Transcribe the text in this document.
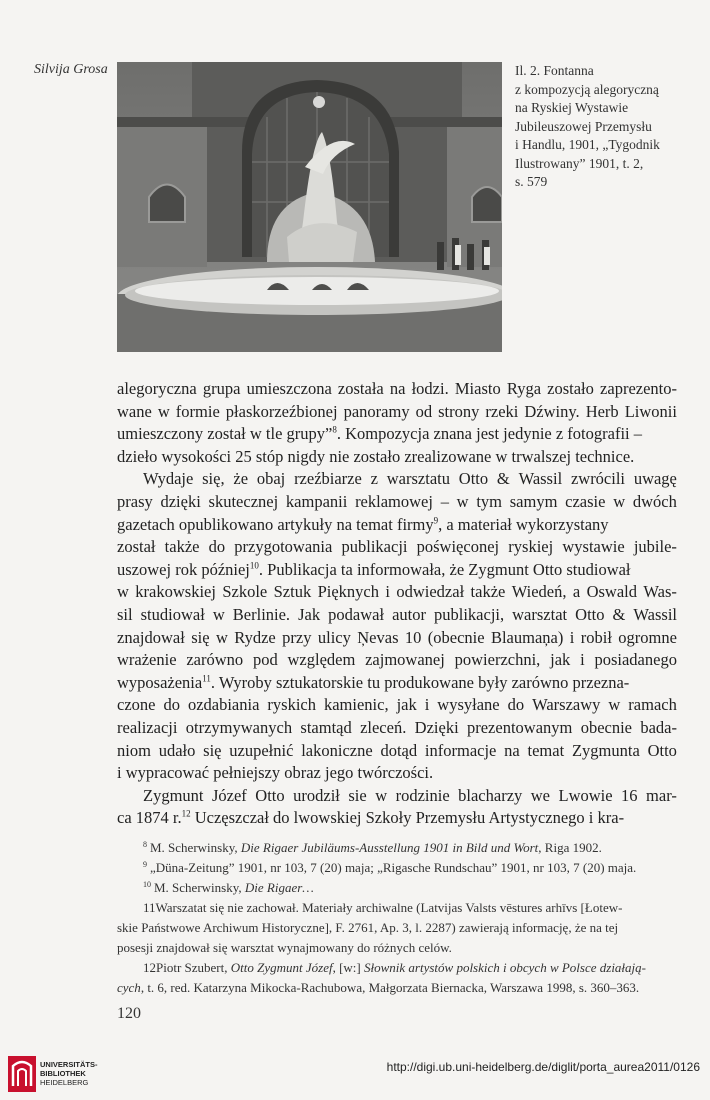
Silvija Grosa	Il. 2. Fontanna
z kompozycją alegoryczną
na Ryskiej Wystawie
Jubileuszowej Przemysłu
i Handlu, 1901, „Tygodnik
Ilustrowany” 1901, t. 2,
s. 579
alegoryczna grupa umieszczona została na łodzi. Miasto Ryga zostało zaprezento-
wane w formie płaskorzeźbionej panoramy od strony rzeki Dźwiny. Herb Liwonii
umieszczony został w tle grupy”$^8$. Kompozycja znana jest jedynie z fotografii –
dzieło wysokości 25 stóp nigdy nie zostało zrealizowane w trwalszej technice.
Wydaje się, że obaj rzeźbiarze z warsztatu Otto & Wassil zwrócili uwagę
prasy dzięki skutecznej kampanii reklamowej – w tym samym czasie w dwóch
gazetach opublikowano artykuły na temat firmy$^9$, a materiał wykorzystany
został także do przygotowania publikacji poświęconej ryskiej wystawie jubile-
uszowej rok później$^{10}$. Publikacja ta informowała, że Zygmunt Otto studiował
w krakowskiej Szkole Sztuk Pięknych i odwiedzał także Wiedeń, a Oswald Was-
sil studiował w Berlinie. Jak podawał autor publikacji, warsztat Otto & Wassil
znajdował się w Rydze przy ulicy Ņevas 10 (obecnie Blaumaņa) i robił ogromne
wrażenie zarówno pod względem zajmowanej powierzchni, jak i posiadanego
wyposażenia$^{11}$. Wyroby sztukatorskie tu produkowane były zarówno przezna-
czone do ozdabiania ryskich kamienic, jak i wysyłane do Warszawy w ramach
realizacji otrzymywanych stamtąd zleceń. Dzięki prezentowanym obecnie bada-
niom udało się uzupełnić lakoniczne dotąd informacje na temat Zygmunta Otto
i wypracować pełniejszy obraz jego twórczości.
Zygmunt Józef Otto urodził sie w rodzinie blacharzy we Lwowie 16 mar-
ca 1874 r.$^{12}$ Uczęszczał do lwowskiej Szkoły Przemysłu Artystycznego i kra-
$^8$ M. Scherwinsky, Die Rigaer Jubiläums-Ausstellung 1901 in Bild und Wort, Riga 1902.
$^9$ „Düna-Zeitung” 1901, nr 103, 7 (20) maja; „Rigasche Rundschau” 1901, nr 103, 7 (20) maja.
$^{10}$ M. Scherwinsky, Die Rigaer…
11Warszatat się nie zachował. Materiały archiwalne (Latvijas Valsts vēstures arhīvs [Łotew-
skie Państwowe Archiwum Historyczne], F. 2761, Ap. 3, l. 2287) zawierają informację, że na tej
posesji znajdował się warsztat wynajmowany do różnych celów.
12Piotr Szubert, Otto Zygmunt Józef, [w:] Słownik artystów polskich i obcych w Polsce działają-
cych, t. 6, red. Katarzyna Mikocka-Rachubowa, Małgorzata Biernacka, Warszawa 1998, s. 360–363.
120
UNIVERSITÄTS-
BIBLIOTHEK
HEIDELBERG
http://digi.ub.uni-heidelberg.de/diglit/porta_aurea2011/0126
